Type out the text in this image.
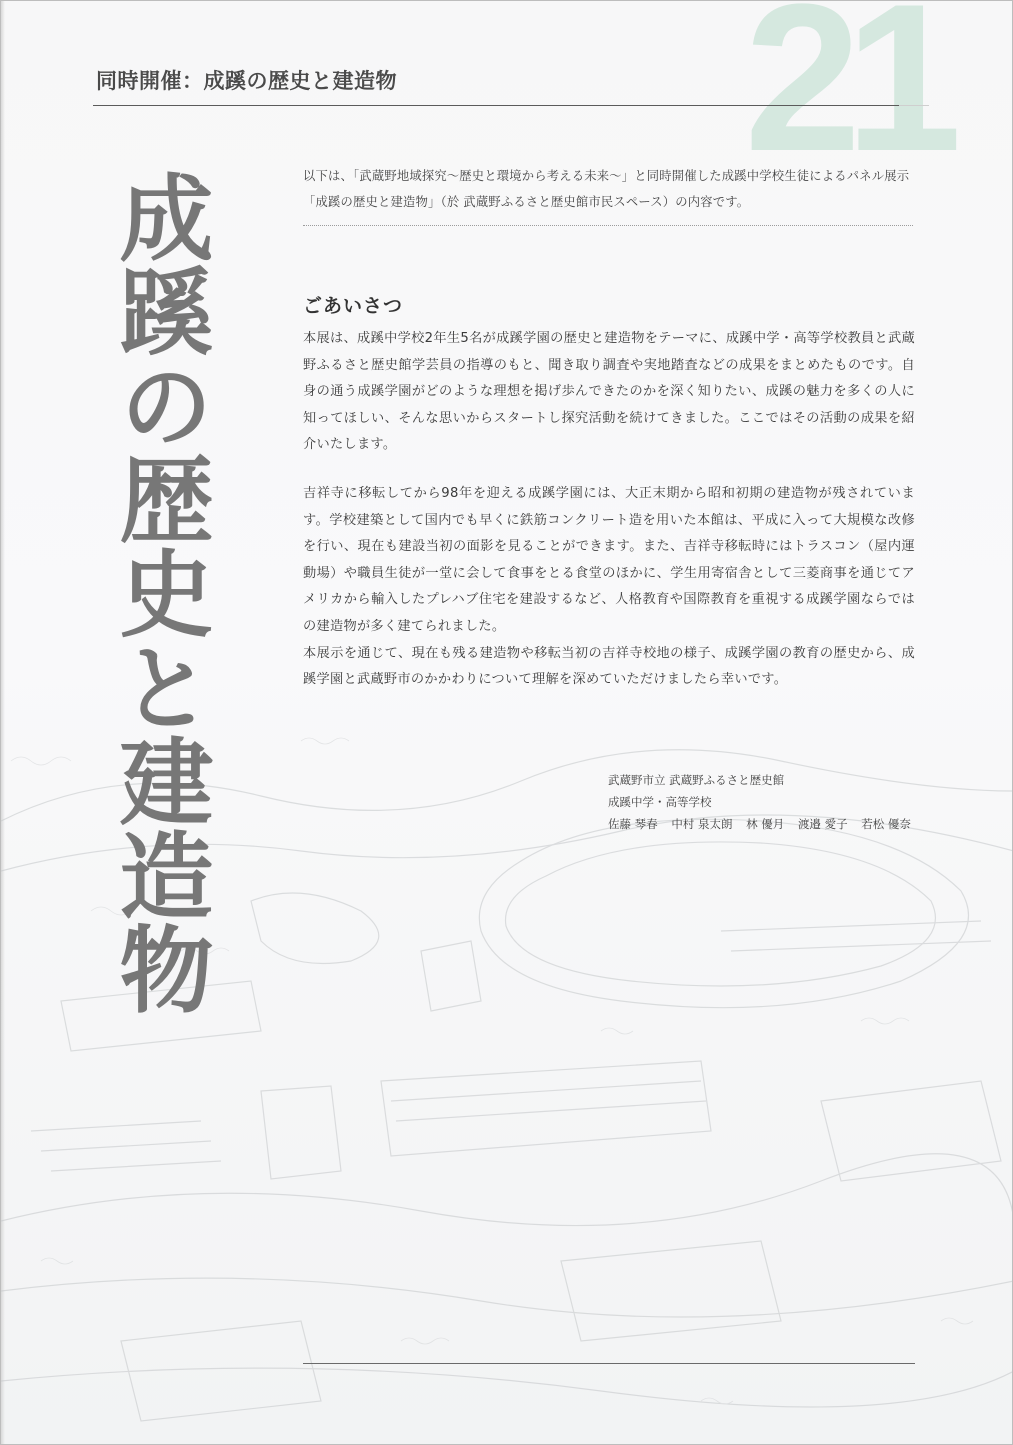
21
同時開催：成蹊の歴史と建造物
成蹊の歴史と建造物	以下は、「武蔵野地域探究〜歴史と環境から考える未来〜」と同時開催した成蹊中学校生徒によるパネル展示「成蹊の歴史と建造物」（於 武蔵野ふるさと歴史館市民スペース）の内容です。
ごあいさつ

本展は、成蹊中学校2年生5名が成蹊学園の歴史と建造物をテーマに、成蹊中学・高等学校教員と武蔵野ふるさと歴史館学芸員の指導のもと、聞き取り調査や実地踏査などの成果をまとめたものです。自身の通う成蹊学園がどのような理想を掲げ歩んできたのかを深く知りたい、成蹊の魅力を多くの人に知ってほしい、そんな思いからスタートし探究活動を続けてきました。ここではその活動の成果を紹介いたします。

吉祥寺に移転してから98年を迎える成蹊学園には、大正末期から昭和初期の建造物が残されています。学校建築として国内でも早くに鉄筋コンクリート造を用いた本館は、平成に入って大規模な改修を行い、現在も建設当初の面影を見ることができます。また、吉祥寺移転時にはトラスコン（屋内運動場）や職員生徒が一堂に会して食事をとる食堂のほかに、学生用寄宿舎として三菱商事を通じてアメリカから輸入したプレハブ住宅を建設するなど、人格教育や国際教育を重視する成蹊学園ならではの建造物が多く建てられました。

本展示を通じて、現在も残る建造物や移転当初の吉祥寺校地の様子、成蹊学園の教育の歴史から、成蹊学園と武蔵野市のかかわりについて理解を深めていただけましたら幸いです。

武蔵野市立 武蔵野ふるさと歴史館
成蹊中学・高等学校
佐藤 琴春 中村 泉太朗 林 優月 渡邉 愛子 若松 優奈
